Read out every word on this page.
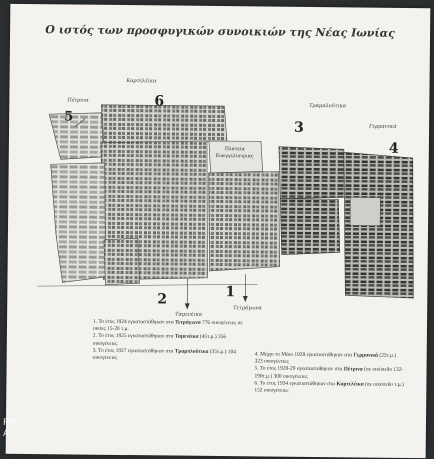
Ο ιστός των προσφυγικών συνοικιών της Νέας Ιωνίας
5
6
3
4
2	1
Πέτρινα
Καρτελέικα
Τραμπλούτικα
Γερμανικά
Ταμενέικα
Τετράγωνα
Πλατεία
Ευαγγελίστριας
1. Το έτος 1924 εγκαταστάθηκαν στα Τετράγωνα 776 οικογένειες σε οικίες 15-20 τ.μ.
2. Το έτος 1925 εγκαταστάθηκαν στα Ταμενέικα (45τ.μ.) 356 οικογένειες
3. Το έτος 1927 εγκαταστάθηκαν στα Τραμπλούτικα (35τ.μ.) 104 οικογένειες
4. Μέχρι το Μάιο 1928 εγκαταστάθηκαν στα Γερμανικά (25τ.μ.) 323 οικογένειες
5. Το έτος 1928-29 εγκαταστάθηκαν στα Πέτρινα (σε οικόπεδο 132-190τ.μ.) 300 οικογένειες
6. Το έτος 1934 εγκαταστάθηκαν στα Καρτελέικα (σε οικόπεδο τ.μ.) 152 οικογένειες
PRO
A
